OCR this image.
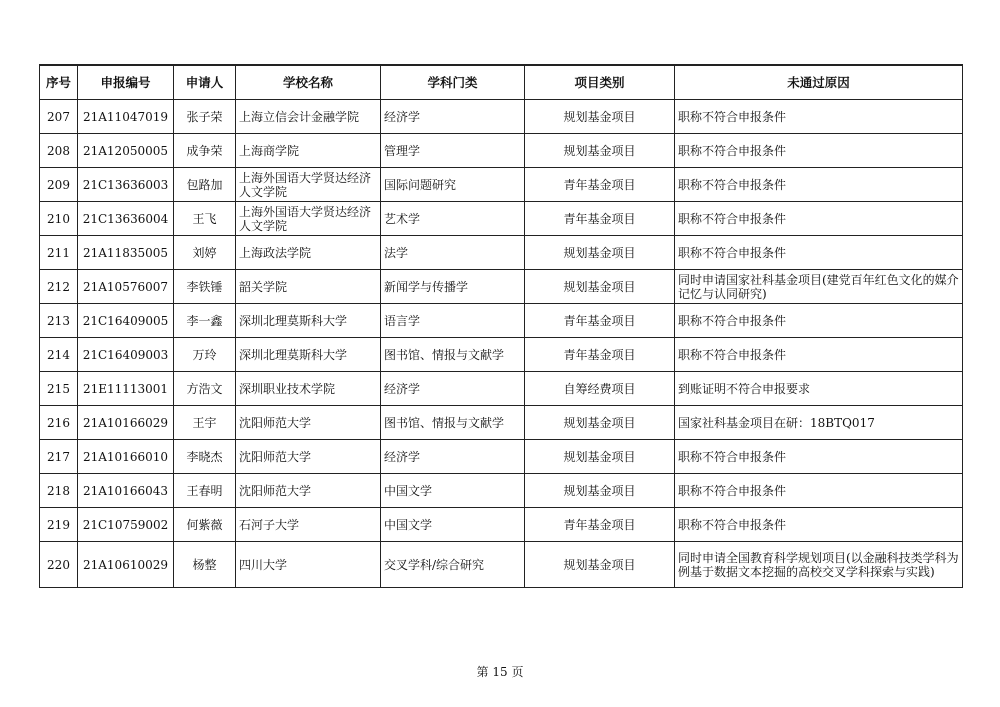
序号	申报编号	申请人	学校名称	学科门类	项目类别	未通过原因
207	21A11047019	张子荣	上海立信会计金融学院	经济学	规划基金项目	职称不符合申报条件
208	21A12050005	成争荣	上海商学院	管理学	规划基金项目	职称不符合申报条件
209	21C13636003	包路加	上海外国语大学贤达经济人文学院	国际问题研究	青年基金项目	职称不符合申报条件
210	21C13636004	王飞	上海外国语大学贤达经济人文学院	艺术学	青年基金项目	职称不符合申报条件
211	21A11835005	刘婷	上海政法学院	法学	规划基金项目	职称不符合申报条件
212	21A10576007	李铁锤	韶关学院	新闻学与传播学	规划基金项目	同时申请国家社科基金项目(建党百年红色文化的媒介记忆与认同研究)
213	21C16409005	李一鑫	深圳北理莫斯科大学	语言学	青年基金项目	职称不符合申报条件
214	21C16409003	万玲	深圳北理莫斯科大学	图书馆、情报与文献学	青年基金项目	职称不符合申报条件
215	21E11113001	方浩文	深圳职业技术学院	经济学	自筹经费项目	到账证明不符合申报要求
216	21A10166029	王宇	沈阳师范大学	图书馆、情报与文献学	规划基金项目	国家社科基金项目在研：18BTQ017
217	21A10166010	李晓杰	沈阳师范大学	经济学	规划基金项目	职称不符合申报条件
218	21A10166043	王春明	沈阳师范大学	中国文学	规划基金项目	职称不符合申报条件
219	21C10759002	何紫薇	石河子大学	中国文学	青年基金项目	职称不符合申报条件
220	21A10610029	杨整	四川大学	交叉学科/综合研究	规划基金项目	同时申请全国教育科学规划项目(以金融科技类学科为例基于数据文本挖掘的高校交叉学科探索与实践)
第 15 页
